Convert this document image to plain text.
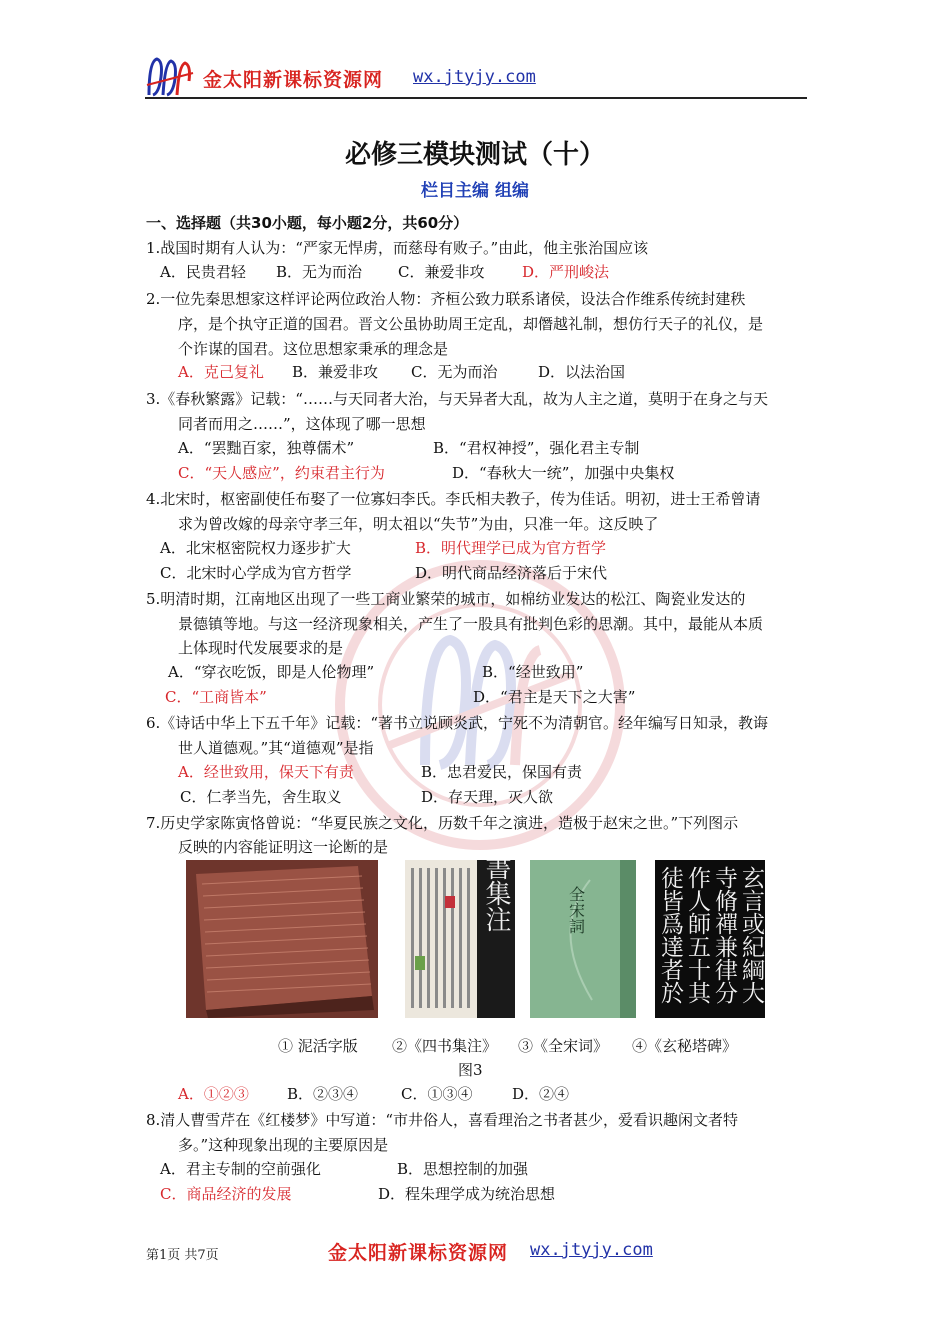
金太阳新课标资源网 wx.jtyjy.com
必修三模块测试（十）
栏目主编 组编
一、选择题（共30小题，每小题2分，共60分）
1.战国时期有人认为：“严家无悍虏，而慈母有败子。”由此，他主张治国应该
A．民贵君轻 B．无为而治 C．兼爱非攻	D．严刑峻法
2.一位先秦思想家这样评论两位政治人物：齐桓公致力联系诸侯，设法合作维系传统封建秩
序，是个执守正道的国君。晋文公虽协助周王定乱，却僭越礼制，想仿行天子的礼仪，是
个诈谋的国君。这位思想家秉承的理念是
A．克己复礼 B．兼爱非攻 C．无为而治	D．以法治国
3.《春秋繁露》记载：“……与天同者大治，与天异者大乱，故为人主之道，莫明于在身之与天
同者而用之……”，这体现了哪一思想
A．“罢黜百家，独尊儒术”	B．“君权神授”，强化君主专制
C．“天人感应”，约束君主行为	D．“春秋大一统”，加强中央集权
4.北宋时，枢密副使任布娶了一位寡妇李氏。李氏相夫教子，传为佳话。明初，进士王希曾请
求为曾改嫁的母亲守孝三年，明太祖以“失节”为由，只准一年。这反映了
A．北宋枢密院权力逐步扩大	B．明代理学已成为官方哲学
C．北宋时心学成为官方哲学	D．明代商品经济落后于宋代
5.明清时期，江南地区出现了一些工商业繁荣的城市，如棉纺业发达的松江、陶瓷业发达的
景德镇等地。与这一经济现象相关，产生了一股具有批判色彩的思潮。其中，最能从本质
上体现时代发展要求的是
A．“穿衣吃饭，即是人伦物理”	B．“经世致用”
C．“工商皆本”	D．“君主是天下之大害”
6.《诗话中华上下五千年》记载：“著书立说顾炎武，宁死不为清朝官。经年编写日知录，教诲
世人道德观。”其“道德观”是指
A．经世致用，保天下有责	B．忠君爱民，保国有责
C．仁孝当先，舍生取义	D．存天理，灭人欲
7.历史学家陈寅恪曾说：“华夏民族之文化，历数千年之演进，造极于赵宋之世。”下列图示
反映的内容能证明这一论断的是	四書集注	全宋詞	玄言或紀綱大
寺脩禪兼律分
作人師五十其
徒皆爲達者於
① 泥活字版 ②《四书集注》 ③《全宋词》 ④《玄秘塔碑》
图3
A．①②③	B．②③④	C．①③④	D．②④
8.清人曹雪芹在《红楼梦》中写道：“市井俗人，喜看理治之书者甚少，爱看识趣闲文者特
多。”这种现象出现的主要原因是
A．君主专制的空前强化	B．思想控制的加强
C．商品经济的发展	D．程朱理学成为统治思想
第1页 共7页	金太阳新课标资源网 wx.jtyjy.com
